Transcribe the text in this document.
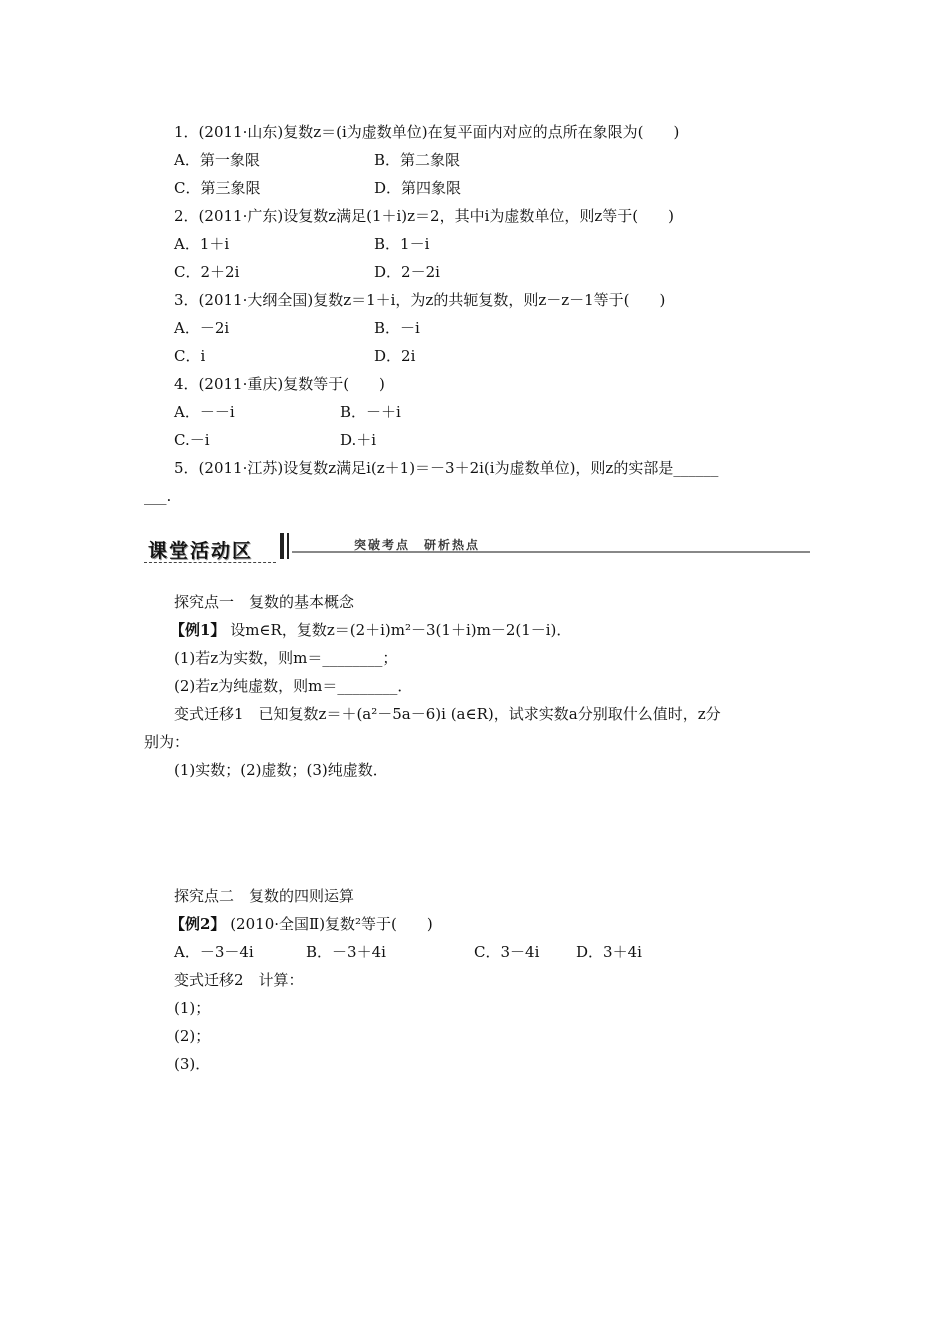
1．(2011·山东)复数z＝(i为虚数单位)在复平面内对应的点所在象限为(　　)
A．第一象限	B．第二象限
C．第三象限	D．第四象限
2．(2011·广东)设复数z满足(1＋i)z＝2，其中i为虚数单位，则z等于(　　)
A．1＋i	B．1－i
C．2＋2i	D．2－2i
3．(2011·大纲全国)复数z＝1＋i，为z的共轭复数，则z－z－1等于(　　)
A．－2i	B．－i
C．i	D．2i
4．(2011·重庆)复数等于(　　)
A．－－i	B．－＋i
C.－i	D.＋i
5．(2011·江苏)设复数z满足i(z＋1)＝－3＋2i(i为虚数单位)，则z的实部是______
___.
课堂活动区	突破考点　研析热点
探究点一　复数的基本概念
【例1】 设m∈R，复数z＝(2＋i)m²－3(1＋i)m－2(1－i)．
(1)若z为实数，则m＝________；
(2)若z为纯虚数，则m＝________．
变式迁移1　已知复数z＝＋(a²－5a－6)i (a∈R)，试求实数a分别取什么值时，z分
别为：
(1)实数；(2)虚数；(3)纯虚数．
探究点二　复数的四则运算
【例2】 (2010·全国Ⅱ)复数²等于(　　)
A．－3－4i	B．－3＋4i	C．3－4i D．3＋4i
变式迁移2　计算：
(1)；
(2)；
(3)．
